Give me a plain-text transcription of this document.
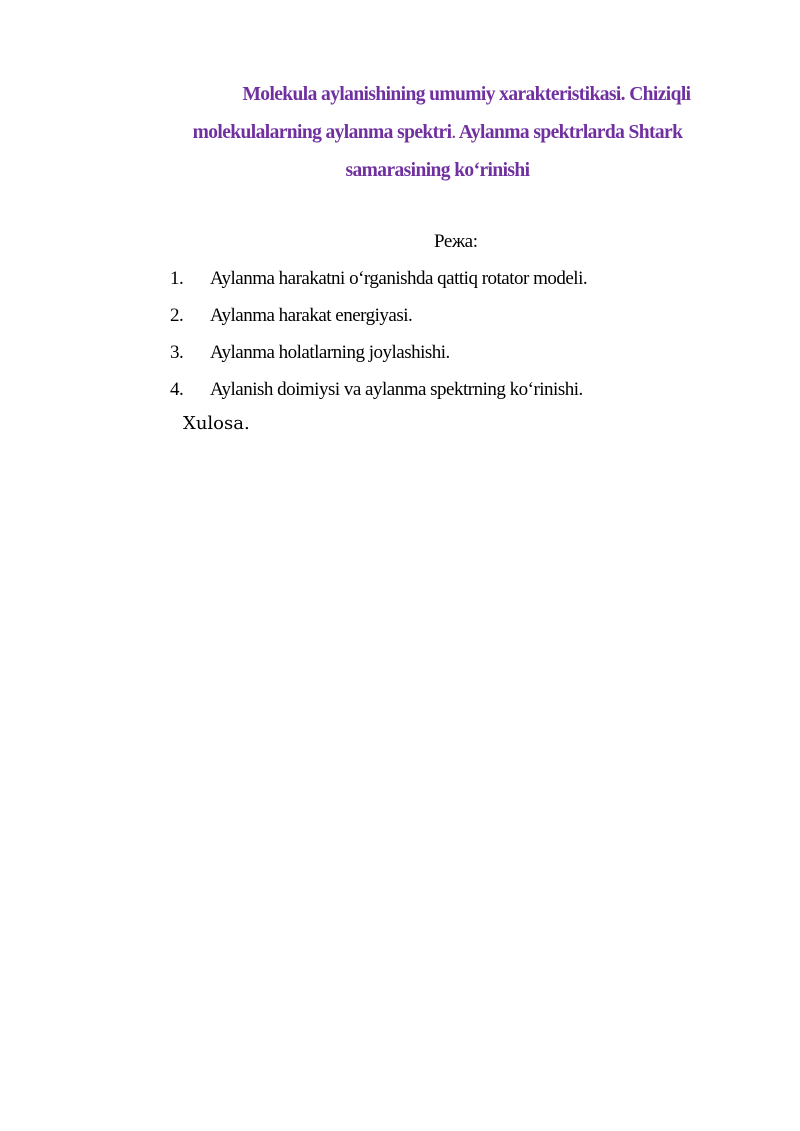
Molekula aylanishining umumiy xarakteristikasi. Chiziqli
molekulalarning aylanma spektri. Aylanma spektrlarda Shtark
samarasining ko‘rinishi
Режа:
1. Aylanma harakatni o‘rganishda qattiq rotator modeli.
2. Aylanma harakat energiyasi.
3. Aylanma holatlarning joylashishi.
4. Aylanish doimiysi va aylanma spektrning ko‘rinishi.
Xulosa.
